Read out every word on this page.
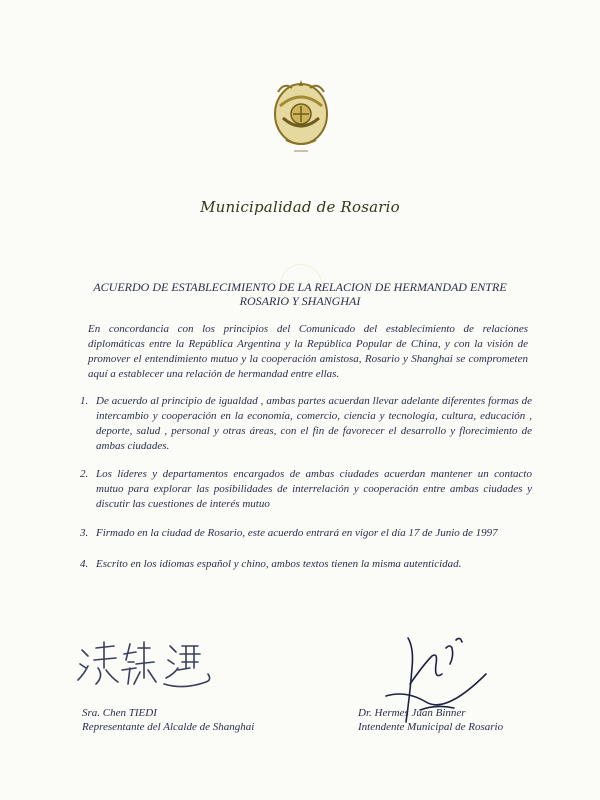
Municipalidad de Rosario
ACUERDO DE ESTABLECIMIENTO DE LA RELACION DE HERMANDAD ENTRE
ROSARIO Y SHANGHAI
En concordancia con los principios del Comunicado del establecimiento de relaciones diplomáticas entre la República Argentina y la República Popular de China, y con la visión de promover el entendimiento mutuo y la cooperación amistosa, Rosario y Shanghai se comprometen aquí a establecer una relación de hermandad entre ellas.
1. De acuerdo al principio de igualdad , ambas partes acuerdan llevar adelante diferentes formas de intercambio y cooperación en la economía, comercio, ciencia y tecnología, cultura, educación , deporte, salud , personal y otras áreas, con el fin de favorecer el desarrollo y florecimiento de ambas ciudades.
2. Los líderes y departamentos encargados de ambas ciudades acuerdan mantener un contacto mutuo para explorar las posibilidades de interrelación y cooperación entre ambas ciudades y discutir las cuestiones de interés mutuo
3. Firmado en la ciudad de Rosario, este acuerdo entrará en vigor el día 17 de Junio de 1997
4. Escrito en los idiomas español y chino, ambos textos tienen la misma autenticidad.
Sra. Chen TIEDI
Representante del Alcalde de Shanghai
Dr. Hermes Juan Binner
Intendente Municipal de Rosario
